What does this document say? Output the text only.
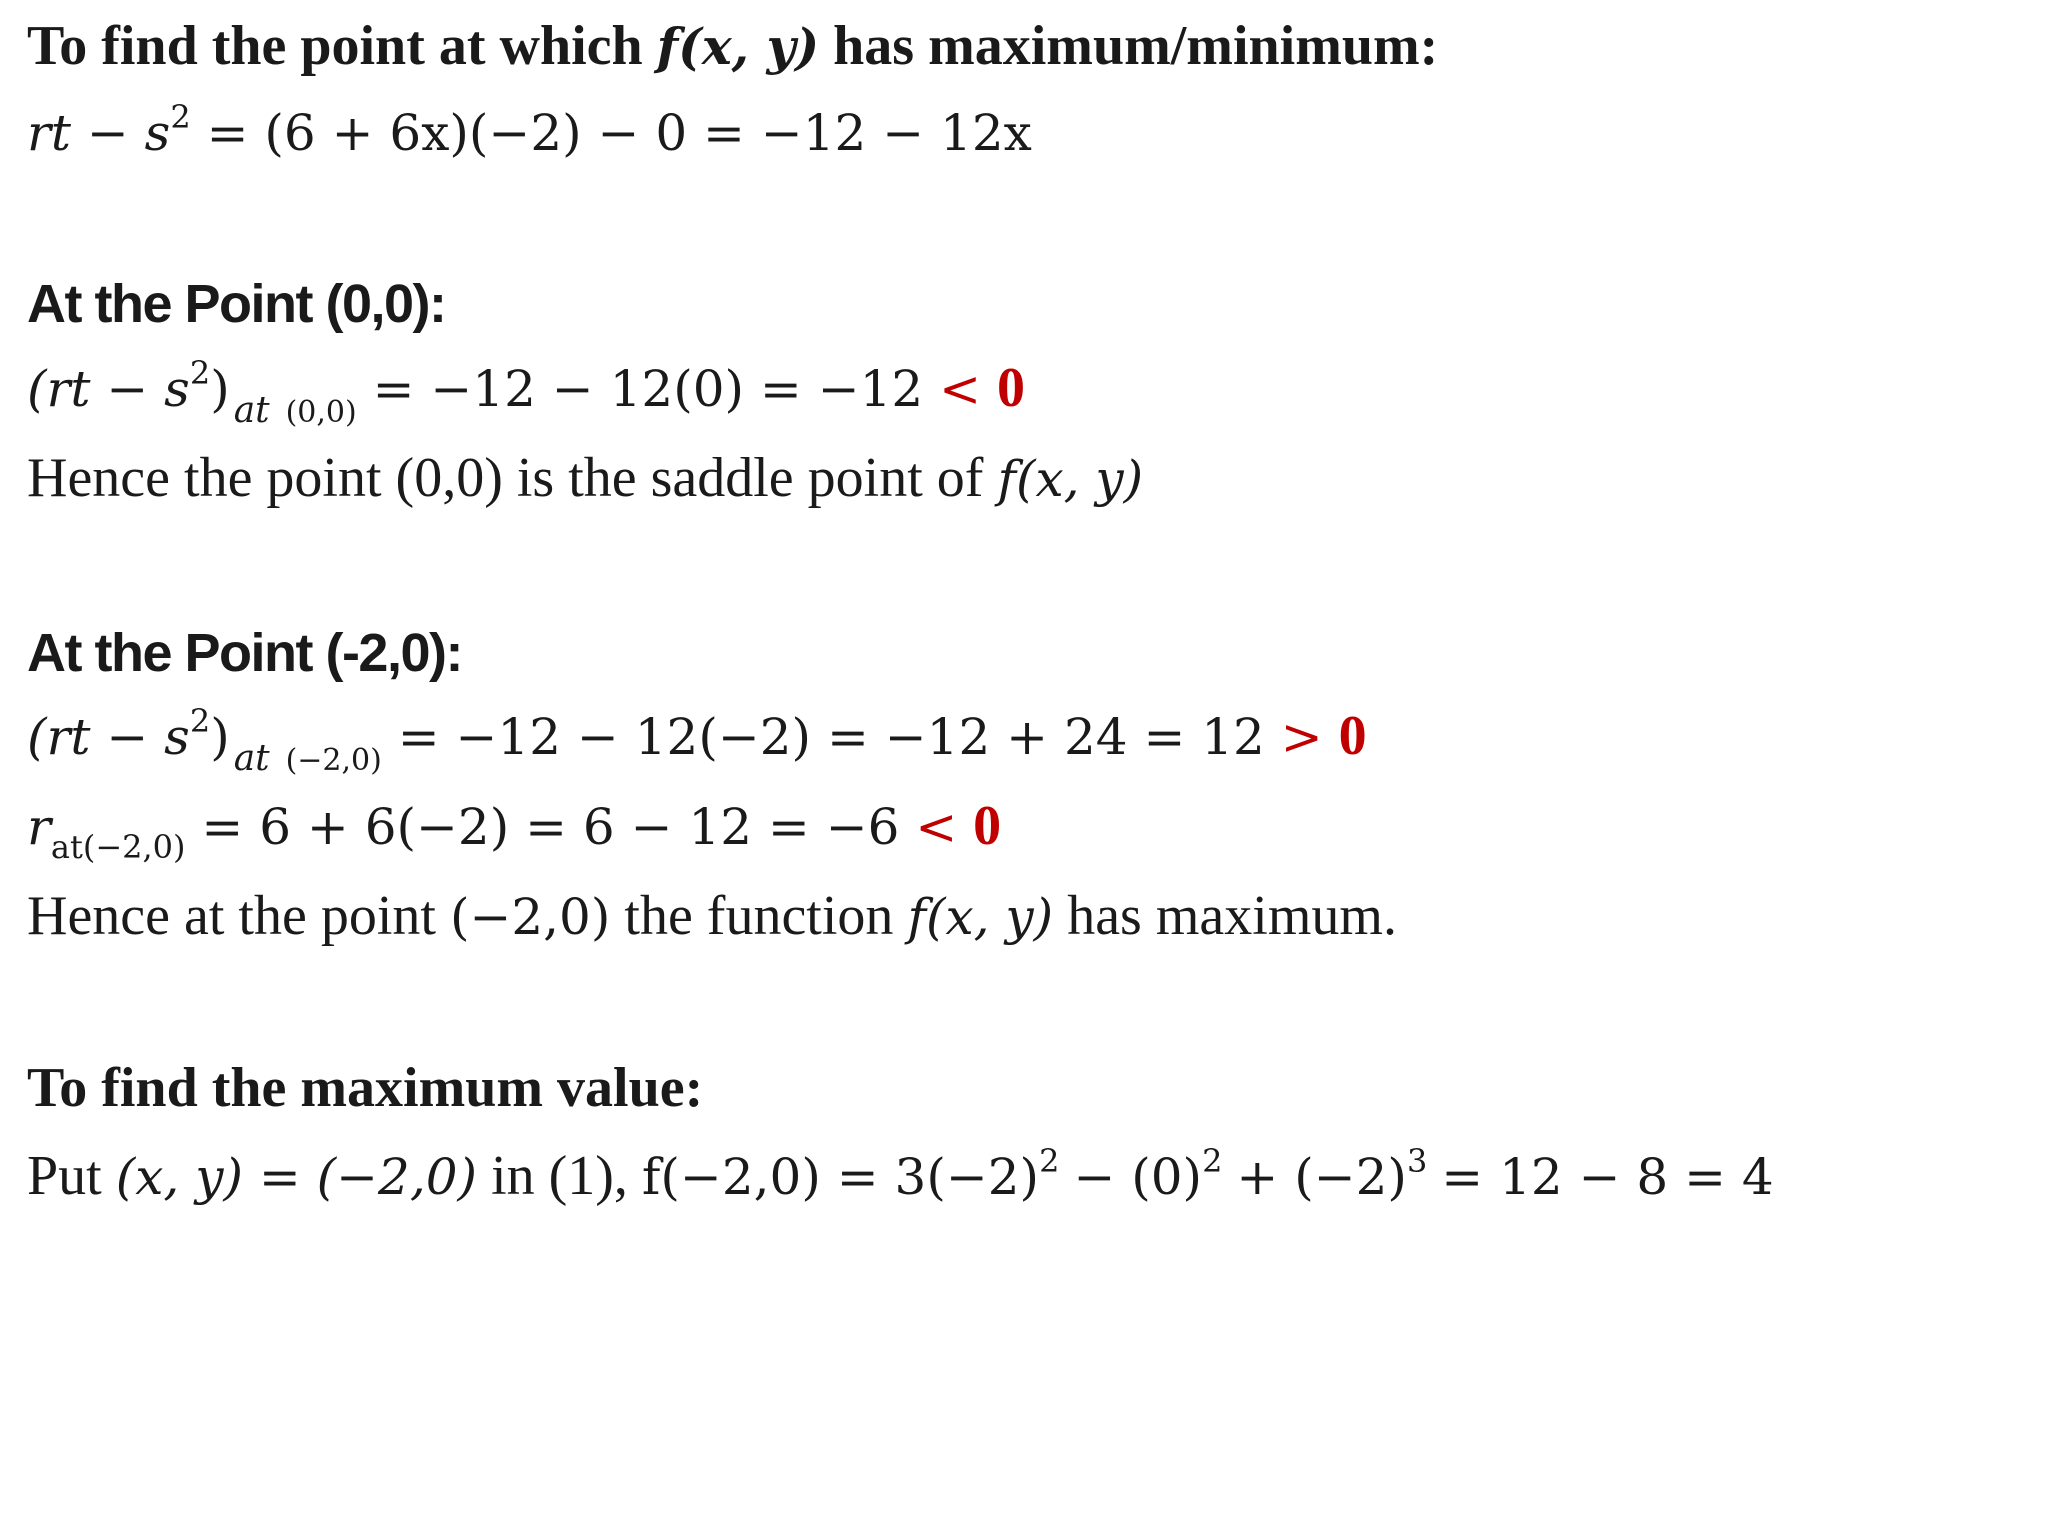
To find the point at which f(x, y) has maximum/minimum:
rt − $s^2 = (6 + 6x)(-2) - 0 = -12 - 12x$
At the Point (0,0):
$(rt - s^2)$ $_{at}$ $_{(0,0)}$ = −12 − 12(0) = −12 < 0
Hence the point (0,0) is the saddle point of f(x, y)
At the Point (-2,0):
$(rt - s^2)$ $_{at}$ $_{(-2,0)}$ = −12 − 12(−2) = −12 + 24 = 12 > 0
$r_{at(-2,0)} = 6 + 6(-2) = 6 - 12 = -6 < 0$
Hence at the point (−2,0) the function f(x, y) has maximum.
To find the maximum value:
Put (x, y) = (−2,0) in (1), $f(-2,0) = 3(-2)^2 - (0)^2 + (-2)^3 = 12 - 8 = 4$
